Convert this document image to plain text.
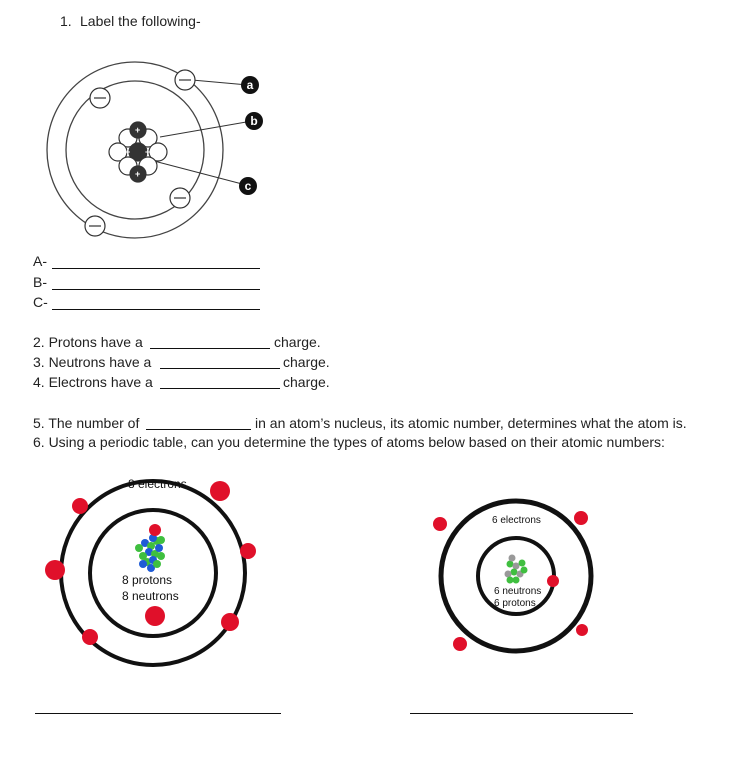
1. Label the following-
+
+ +
+
a
b
c
A-
B-
C-
2. Protons have a	charge.
3. Neutrons have a	charge.
4. Electrons have a	charge.
5. The number of	in an atom’s nucleus, its atomic number, determines what the atom is.
6. Using a periodic table, can you determine the types of atoms below based on their atomic numbers:
8 electrons
8 protons
8 neutrons
6 electrons
6 neutrons
6 protons
